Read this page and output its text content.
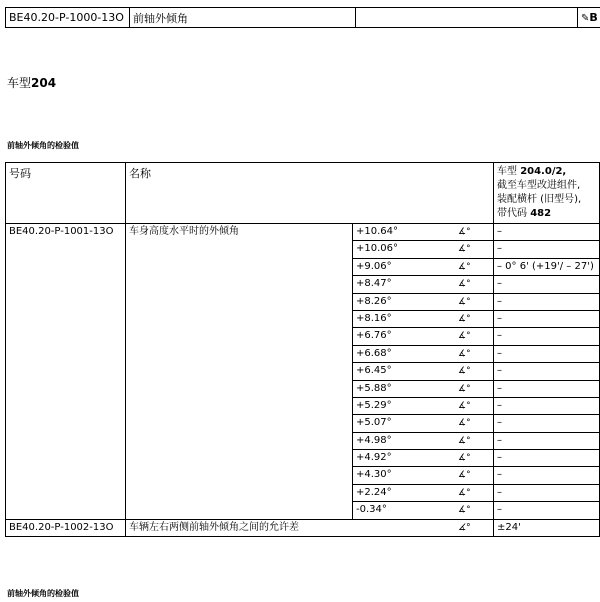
BE40.20-P-1000-13O	前轴外倾角		✎B
车型204
前轴外倾角的检验值
号码	名称		车型 204.0/2,
截至车型改进组件,
装配横杆 (旧型号),
带代码 482	
BE40.20-P-1001-13O	车身高度水平时的外倾角	+10.64° ∡°	–	
		+10.06° ∡°	–	
		+9.06° ∡°	– 0° 6' (+19'/ – 27')	
		+8.47° ∡°	–	
		+8.26° ∡°	–	
		+8.16° ∡°	–	
		+6.76° ∡°	–	
		+6.68° ∡°	–	
		+6.45° ∡°	–	
		+5.88° ∡°	–	
		+5.29° ∡°	–	
		+5.07° ∡°	–	
		+4.98° ∡°	–	
		+4.92° ∡°	–	
		+4.30° ∡°	–	
		+2.24° ∡°	–	
		-0.34° ∡°	–	
BE40.20-P-1002-13O	车辆左右两侧前轴外倾角之间的允许差 ∡°		±24'	
前轴外倾角的检验值
